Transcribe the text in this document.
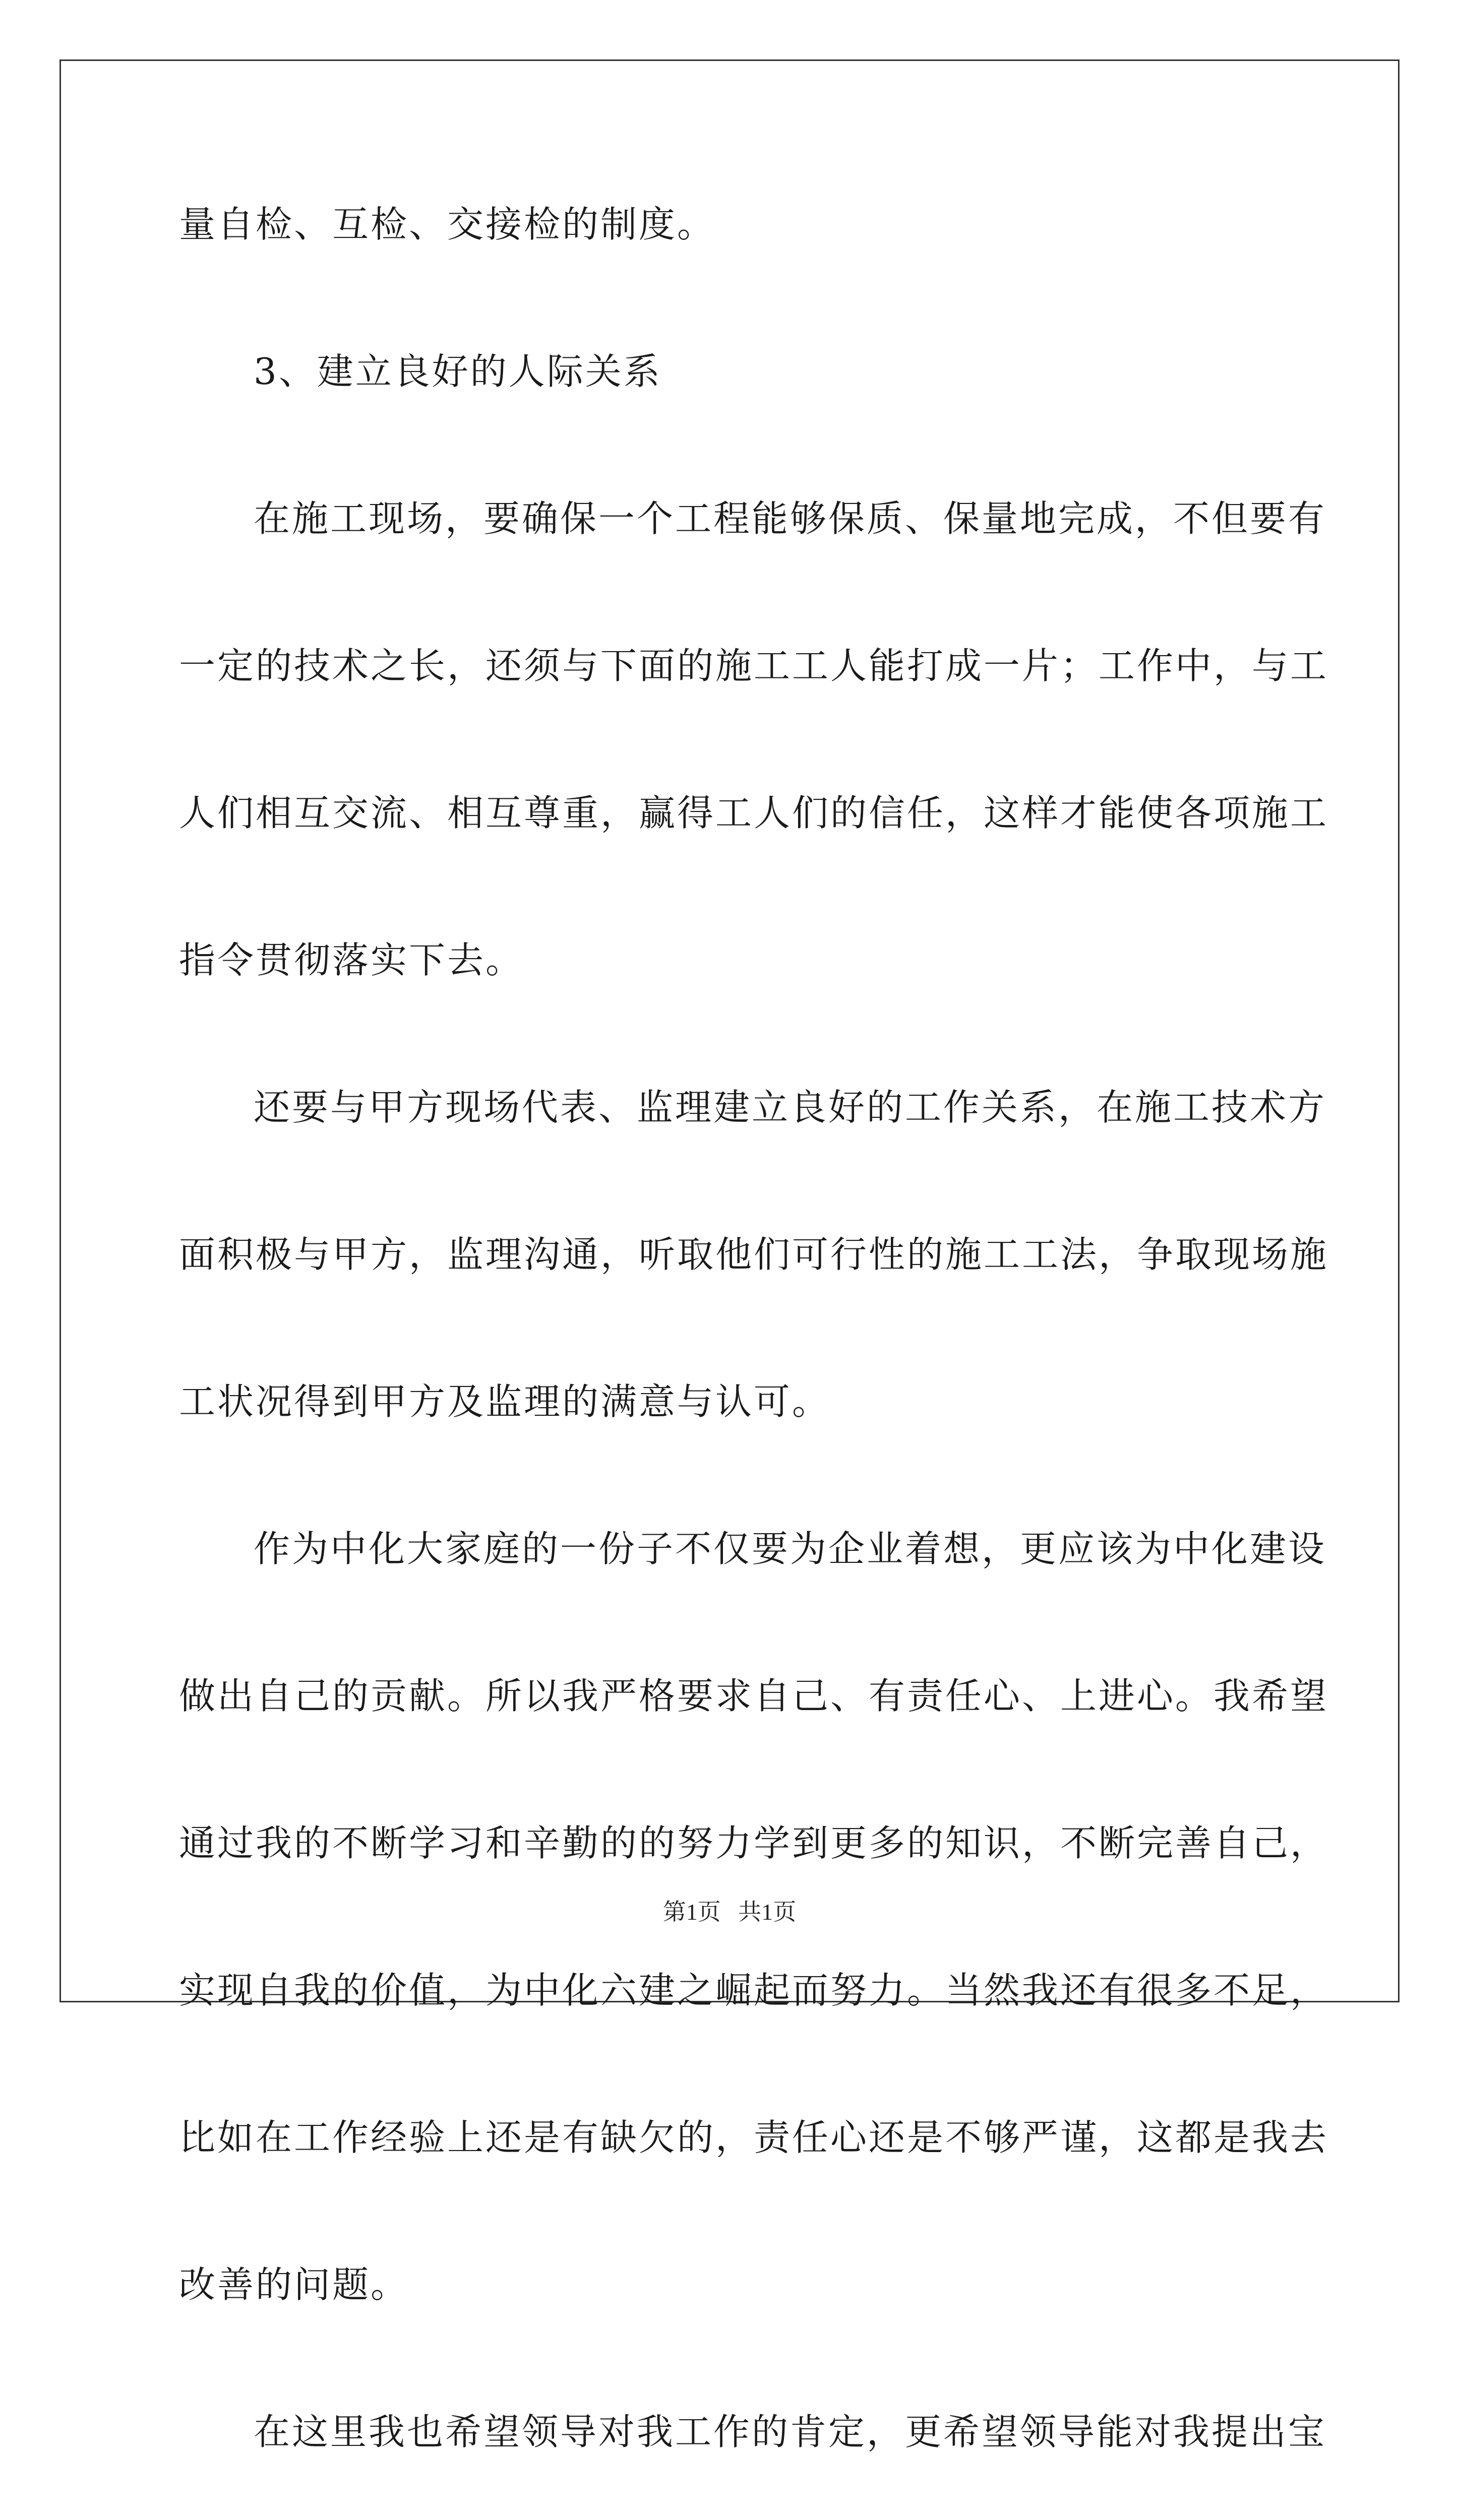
量自检、互检、交接检的制度。
3、建立良好的人际关系
在施工现场，要确保一个工程能够保质、保量地完成，不但要有
一定的技术之长，还须与下面的施工工人能打成一片；工作中，与工
人们相互交流、相互尊重，赢得工人们的信任，这样才能使各项施工
指令贯彻落实下去。
还要与甲方现场代表、监理建立良好的工作关系，在施工技术方
面积极与甲方，监理沟通，听取他们可行性的施工工法，争取现场施
工状况得到甲方及监理的满意与认可。
作为中化大家庭的一份子不仅要为企业着想，更应该为中化建设
做出自己的贡献。所以我严格要求自己、有责任心、上进心。我希望
通过我的不断学习和辛勤的的努力学到更多的知识，不断完善自己，
实现自我的价值，为中化六建之崛起而努力。当然我还有很多不足，
比如在工作经验上还是有缺欠的，责任心还是不够严谨，这都是我去
改善的问题。
在这里我也希望领导对我工作的肯定，更希望领导能对我提出宝
第1页   共1页
